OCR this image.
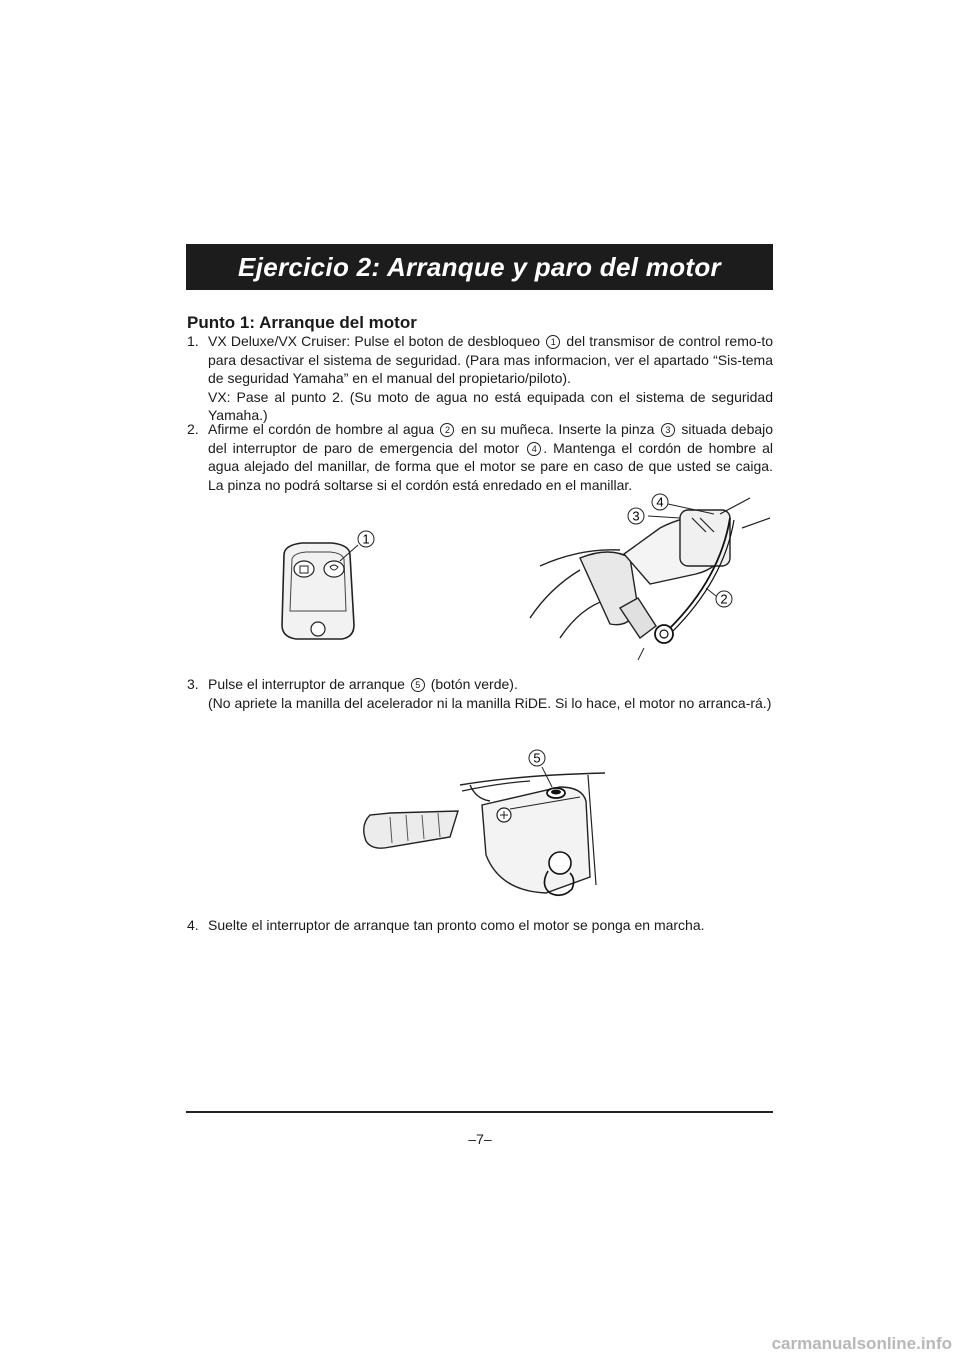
Ejercicio 2: Arranque y paro del motor
Punto 1: Arranque del motor
1. VX Deluxe/VX Cruiser: Pulse el boton de desbloqueo 1 del transmisor de control remo-to para desactivar el sistema de seguridad. (Para mas informacion, ver el apartado “Sis-tema de seguridad Yamaha” en el manual del propietario/piloto).

VX: Pase al punto 2. (Su moto de agua no está equipada con el sistema de seguridad Yamaha.)

2. Afirme el cordón de hombre al agua 2 en su muñeca. Inserte la pinza 3 situada debajo del interruptor de paro de emergencia del motor 4 . Mantenga el cordón de hombre al agua alejado del manillar, de forma que el motor se pare en caso de que usted se caiga. La pinza no podrá soltarse si el cordón está enredado en el manillar.

1
3
4
2
3. Pulse el interruptor de arranque 5 (botón verde).

(No apriete la manilla del acelerador ni la manilla RiDE. Si lo hace, el motor no arranca-rá.)

5
4. Suelte el interruptor de arranque tan pronto como el motor se ponga en marcha.

–7–
carmanualsonline.info
